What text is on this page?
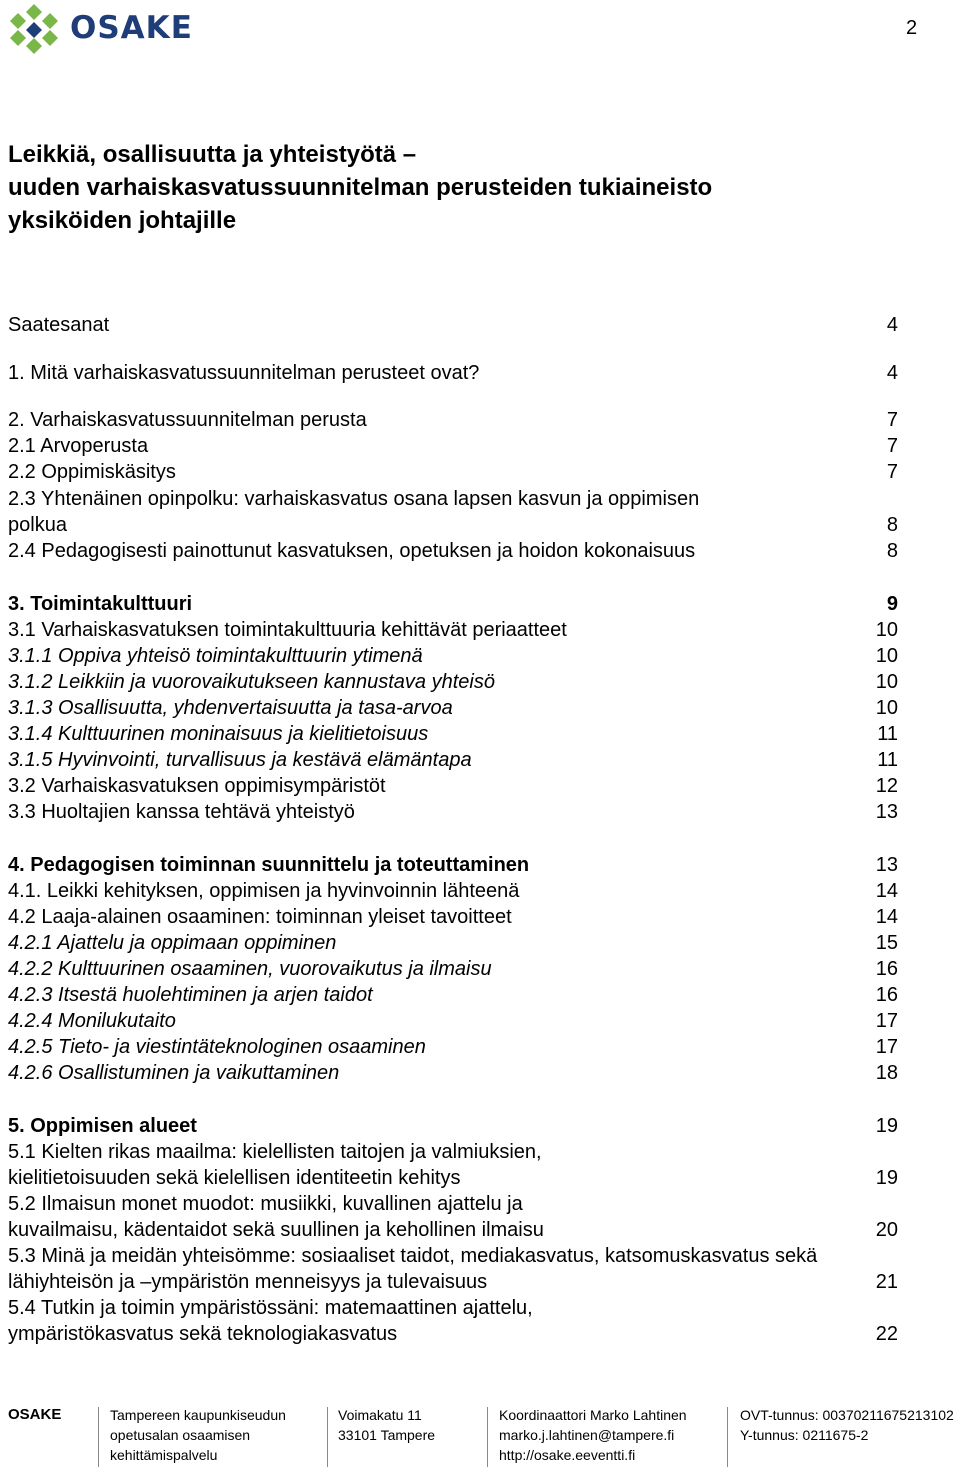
OSAKE	2
Leikkiä, osallisuutta ja yhteistyötä –
uuden varhaiskasvatussuunnitelman perusteiden tukiaineisto
yksiköiden johtajille
Saatesanat	4
1. Mitä varhaiskasvatussuunnitelman perusteet ovat?	4
2. Varhaiskasvatussuunnitelman perusta	7
2.1 Arvoperusta	7
2.2 Oppimiskäsitys	7
2.3 Yhtenäinen opinpolku: varhaiskasvatus osana lapsen kasvun ja oppimisen polkua	8
2.4 Pedagogisesti painottunut kasvatuksen, opetuksen ja hoidon kokonaisuus	8
3. Toimintakulttuuri	9
3.1 Varhaiskasvatuksen toimintakulttuuria kehittävät periaatteet	10
3.1.1 Oppiva yhteisö toimintakulttuurin ytimenä	10
3.1.2 Leikkiin ja vuorovaikutukseen kannustava yhteisö	10
3.1.3 Osallisuutta, yhdenvertaisuutta ja tasa-arvoa	10
3.1.4 Kulttuurinen moninaisuus ja kielitietoisuus	11
3.1.5 Hyvinvointi, turvallisuus ja kestävä elämäntapa	11
3.2 Varhaiskasvatuksen oppimisympäristöt	12
3.3 Huoltajien kanssa tehtävä yhteistyö	13
4. Pedagogisen toiminnan suunnittelu ja toteuttaminen	13
4.1. Leikki kehityksen, oppimisen ja hyvinvoinnin lähteenä	14
4.2 Laaja-alainen osaaminen: toiminnan yleiset tavoitteet	14
4.2.1 Ajattelu ja oppimaan oppiminen	15
4.2.2 Kulttuurinen osaaminen, vuorovaikutus ja ilmaisu	16
4.2.3 Itsestä huolehtiminen ja arjen taidot	16
4.2.4 Monilukutaito	17
4.2.5 Tieto- ja viestintäteknologinen osaaminen	17
4.2.6 Osallistuminen ja vaikuttaminen	18
5. Oppimisen alueet	19
5.1 Kielten rikas maailma: kielellisten taitojen ja valmiuksien, kielitietoisuuden sekä kielellisen identiteetin kehitys	19
5.2 Ilmaisun monet muodot: musiikki, kuvallinen ajattelu ja kuvailmaisu, kädentaidot sekä suullinen ja kehollinen ilmaisu	20
5.3 Minä ja meidän yhteisömme: sosiaaliset taidot, mediakasvatus, katsomuskasvatus sekä lähiyhteisön ja –ympäristön menneisyys ja tulevaisuus	21
5.4 Tutkin ja toimin ympäristössäni: matemaattinen ajattelu, ympäristökasvatus sekä teknologiakasvatus	22
OSAKE	Tampereen kaupunkiseudun
opetusalan osaamisen
kehittämispalvelu
Voimakatu 11
33101 Tampere
Koordinaattori Marko Lahtinen
marko.j.lahtinen@tampere.fi
http://osake.eeventti.fi
OVT-tunnus: 003702116752131​02
Y-tunnus: 0211675-2
